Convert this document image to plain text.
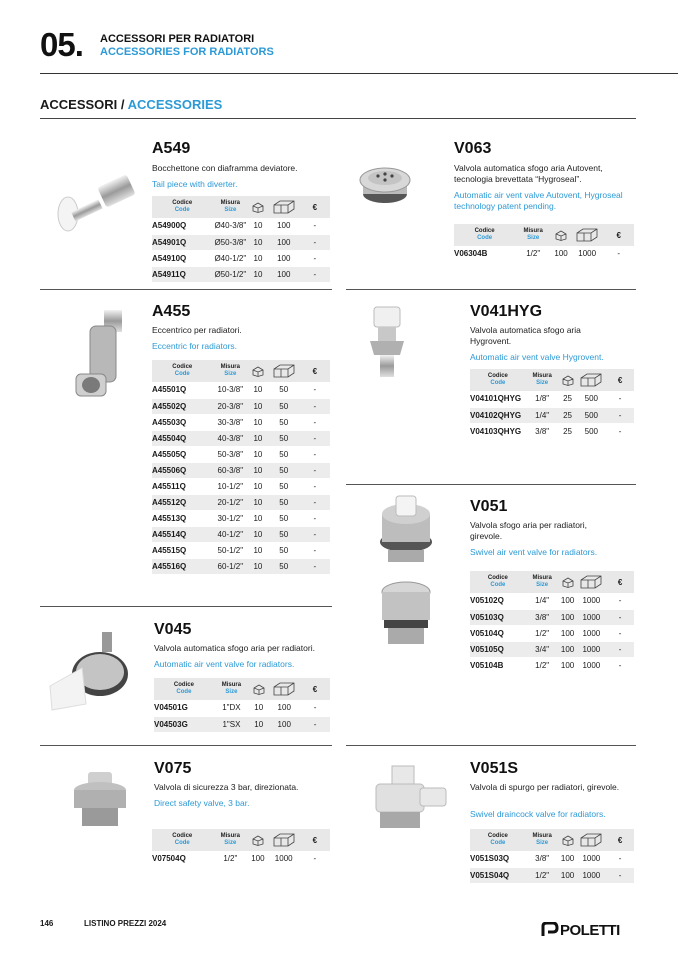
05. ACCESSORI PER RADIATORI
ACCESSORIES FOR RADIATORS
ACCESSORI / ACCESSORIES
A549
Bocchettone con diaframma deviatore.
Tail piece with diverter.
Codice
Code	Misura
Size			€
A54900Q	Ø40-3/8"	10	100	-
A54901Q	Ø50-3/8"	10	100	-
A54910Q	Ø40-1/2"	10	100	-
A54911Q	Ø50-1/2"	10	100	-
V063
Valvola automatica sfogo aria Autovent, tecnologia brevettata “Hygroseal”.
Automatic air vent valve Autovent, Hygroseal technology patent pending.
Codice
Code	Misura
Size			€
V06304B	1/2"	100	1000	-
A455
Eccentrico per radiatori.
Eccentric for radiators.
Codice
Code	Misura
Size			€
A45501Q	10-3/8"	10	50	-
A45502Q	20-3/8"	10	50	-
A45503Q	30-3/8"	10	50	-
A45504Q	40-3/8"	10	50	-
A45505Q	50-3/8"	10	50	-
A45506Q	60-3/8"	10	50	-
A45511Q	10-1/2"	10	50	-
A45512Q	20-1/2"	10	50	-
A45513Q	30-1/2"	10	50	-
A45514Q	40-1/2"	10	50	-
A45515Q	50-1/2"	10	50	-
A45516Q	60-1/2"	10	50	-
V041HYG
Valvola automatica sfogo aria Hygrovent.
Automatic air vent valve Hygrovent.
Codice
Code	Misura
Size			€
V04101QHYG	1/8"	25	500	-
V04102QHYG	1/4"	25	500	-
V04103QHYG	3/8"	25	500	-
V051
Valvola sfogo aria per radiatori, girevole.
Swivel air vent valve for radiators.
Codice
Code	Misura
Size			€
V05102Q	1/4"	100	1000	-
V05103Q	3/8"	100	1000	-
V05104Q	1/2"	100	1000	-
V05105Q	3/4"	100	1000	-
V05104B	1/2"	100	1000	-
V045
Valvola automatica sfogo aria per radiatori.
Automatic air vent valve for radiators.
Codice
Code	Misura
Size			€
V04501G	1"DX	10	100	-
V04503G	1"SX	10	100	-
V075
Valvola di sicurezza 3 bar, direzionata.
Direct safety valve, 3 bar.
Codice
Code	Misura
Size			€
V07504Q	1/2"	100	1000	-
V051S
Valvola di spurgo per radiatori, girevole.
Swivel draincock valve for radiators.
Codice
Code	Misura
Size			€
V051S03Q	3/8"	100	1000	-
V051S04Q	1/2"	100	1000	-
146	LISTINO PREZZI 2024	POLETTI
